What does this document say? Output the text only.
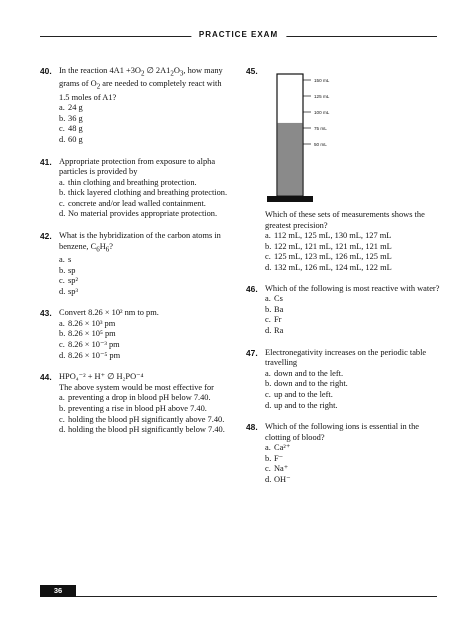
PRACTICE EXAM
40. In the reaction $4A1 +3O_2$ ∅ $2A1_2O_3$, how many grams of $O_2$ are needed to completely react with 1.5 moles of A1?
a. 24 g
b. 36 g
c. 48 g
d. 60 g
41. Appropriate protection from exposure to alpha particles is provided by
a. thin clothing and breathing protection.
b. thick layered clothing and breathing protection.
c. concrete and/or lead walled containment.
d. No material provides appropriate protection.
42. What is the hybridization of the carbon atoms in benzene, $C_6H_6$?
a. s
b. sp
c. sp²
d. sp³
43. Convert 8.26 × 10² nm to pm.
a. 8.26 × 10³ pm
b. 8.26 × 10⁵ pm
c. 8.26 × 10⁻³ pm
d. 8.26 × 10⁻⁵ pm
44. HPO₄⁻² + H⁺ ∅ H₂PO⁻⁴
The above system would be most effective for
a. preventing a drop in blood pH below 7.40.
b. preventing a rise in blood pH above 7.40.
c. holding the blood pH significantly above 7.40.
d. holding the blood pH significantly below 7.40.
45.
150 mL
125 mL
100 mL
75 mL
50 mL
Which of these sets of measurements shows the greatest precision?
a. 112 mL, 125 mL, 130 mL, 127 mL
b. 122 mL, 121 mL, 121 mL, 121 mL
c. 125 mL, 123 mL, 126 mL, 125 mL
d. 132 mL, 126 mL, 124 mL, 122 mL
46. Which of the following is most reactive with water?
a. Cs
b. Ba
c. Fr
d. Ra
47. Electronegativity increases on the periodic table travelling
a. down and to the left.
b. down and to the right.
c. up and to the left.
d. up and to the right.
48. Which of the following ions is essential in the clotting of blood?
a. Ca²⁺
b. F⁻
c. Na⁺
d. OH⁻
36
